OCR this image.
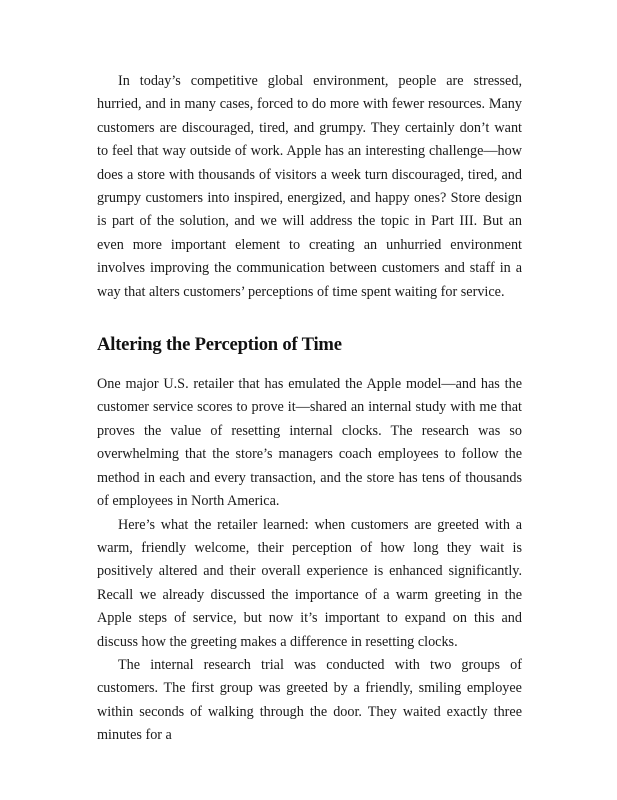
In today’s competitive global environment, people are stressed, hurried, and in many cases, forced to do more with fewer resources. Many customers are discouraged, tired, and grumpy. They certainly don’t want to feel that way outside of work. Apple has an interesting challenge—how does a store with thousands of visitors a week turn discouraged, tired, and grumpy customers into inspired, energized, and happy ones? Store design is part of the solution, and we will address the topic in Part III. But an even more important element to creating an unhurried environment involves improving the communication between customers and staff in a way that alters customers’ perceptions of time spent waiting for service.

Altering the Perception of Time

One major U.S. retailer that has emulated the Apple model—and has the customer service scores to prove it—shared an internal study with me that proves the value of resetting internal clocks. The research was so overwhelming that the store’s managers coach employees to follow the method in each and every transaction, and the store has tens of thousands of employees in North America.

Here’s what the retailer learned: when customers are greeted with a warm, friendly welcome, their perception of how long they wait is positively altered and their overall experience is enhanced significantly. Recall we already discussed the importance of a warm greeting in the Apple steps of service, but now it’s important to expand on this and discuss how the greeting makes a difference in resetting clocks.

The internal research trial was conducted with two groups of customers. The first group was greeted by a friendly, smiling employee within seconds of walking through the door. They waited exactly three minutes for a
